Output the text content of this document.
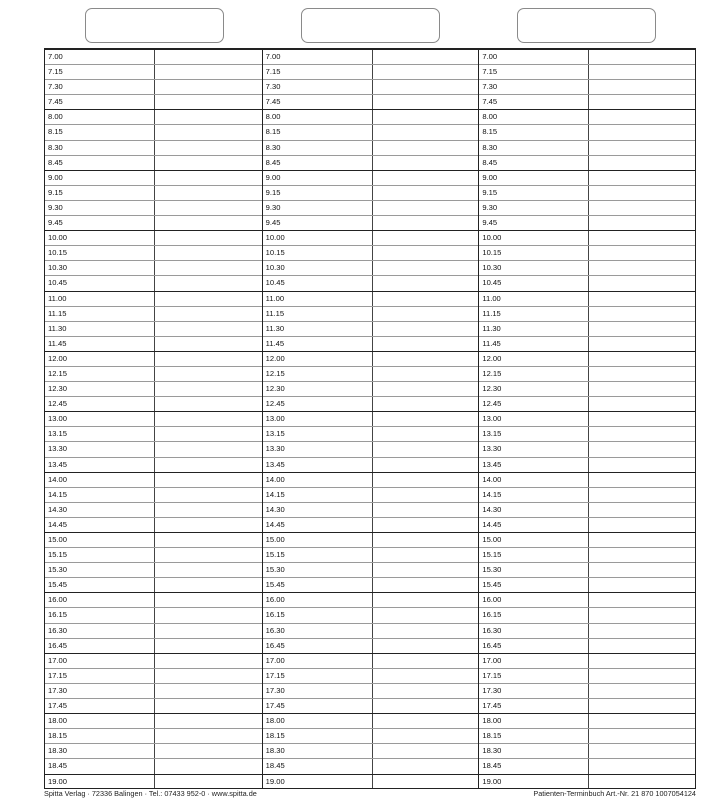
7.00
7.15
7.30
7.45
8.00
8.15
8.30
8.45
9.00
9.15
9.30
9.45
10.00
10.15
10.30
10.45
11.00
11.15
11.30
11.45
12.00
12.15
12.30
12.45
13.00
13.15
13.30
13.45
14.00
14.15
14.30
14.45
15.00
15.15
15.30
15.45
16.00
16.15
16.30
16.45
17.00
17.15
17.30
17.45
18.00
18.15
18.30
18.45
19.00
7.00
7.15
7.30
7.45
8.00
8.15
8.30
8.45
9.00
9.15
9.30
9.45
10.00
10.15
10.30
10.45
11.00
11.15
11.30
11.45
12.00
12.15
12.30
12.45
13.00
13.15
13.30
13.45
14.00
14.15
14.30
14.45
15.00
15.15
15.30
15.45
16.00
16.15
16.30
16.45
17.00
17.15
17.30
17.45
18.00
18.15
18.30
18.45
19.00
7.00
7.15
7.30
7.45
8.00
8.15
8.30
8.45
9.00
9.15
9.30
9.45
10.00
10.15
10.30
10.45
11.00
11.15
11.30
11.45
12.00
12.15
12.30
12.45
13.00
13.15
13.30
13.45
14.00
14.15
14.30
14.45
15.00
15.15
15.30
15.45
16.00
16.15
16.30
16.45
17.00
17.15
17.30
17.45
18.00
18.15
18.30
18.45
19.00
Spitta Verlag · 72336 Balingen · Tel.: 07433 952-0 · www.spitta.de	Patienten-Terminbuch Art.-Nr. 21 870 1007054124
